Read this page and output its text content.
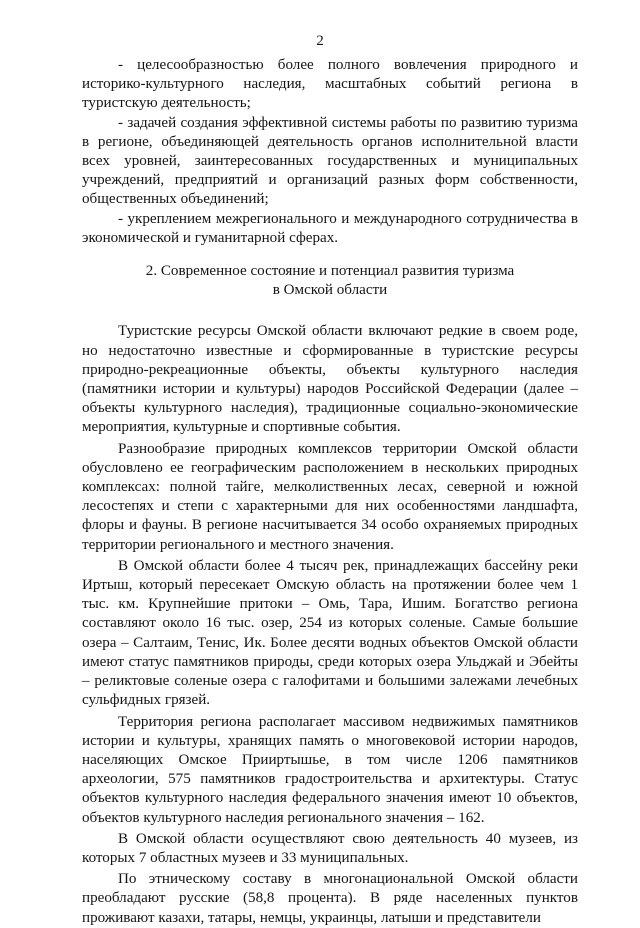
2

- целесообразностью более полного вовлечения природного и историко-культурного наследия, масштабных событий региона в туристскую деятельность;

- задачей создания эффективной системы работы по развитию туризма в регионе, объединяющей деятельность органов исполнительной власти всех уровней, заинтересованных государственных и муниципальных учреждений, предприятий и организаций разных форм собственности, общественных объединений;

- укреплением межрегионального и международного сотрудничества в экономической и гуманитарной сферах.

2. Современное состояние и потенциал развития туризма
в Омской области

Туристские ресурсы Омской области включают редкие в своем роде, но недостаточно известные и сформированные в туристские ресурсы природно-рекреационные объекты, объекты культурного наследия (памятники истории и культуры) народов Российской Федерации (далее – объекты культурного наследия), традиционные социально-экономические мероприятия, культурные и спортивные события.

Разнообразие природных комплексов территории Омской области обусловлено ее географическим расположением в нескольких природных комплексах: полной тайге, мелколиственных лесах, северной и южной лесостепях и степи с характерными для них особенностями ландшафта, флоры и фауны. В регионе насчитывается 34 особо охраняемых природных территории регионального и местного значения.

В Омской области более 4 тысяч рек, принадлежащих бассейну реки Иртыш, который пересекает Омскую область на протяжении более чем 1 тыс. км. Крупнейшие притоки – Омь, Тара, Ишим. Богатство региона составляют около 16 тыс. озер, 254 из которых соленые. Самые большие озера – Салтаим, Тенис, Ик. Более десяти водных объектов Омской области имеют статус памятников природы, среди которых озера Ульджай и Эбейты – реликтовые соленые озера с галофитами и большими залежами лечебных сульфидных грязей.

Территория региона располагает массивом недвижимых памятников истории и культуры, хранящих память о многовековой истории народов, населяющих Омское Прииртышье, в том числе 1206 памятников археологии, 575 памятников градостроительства и архитектуры. Статус объектов культурного наследия федерального значения имеют 10 объектов, объектов культурного наследия регионального значения – 162.

В Омской области осуществляют свою деятельность 40 музеев, из которых 7 областных музеев и 33 муниципальных.

По этническому составу в многонациональной Омской области преобладают русские (58,8 процента). В ряде населенных пунктов проживают казахи, татары, немцы, украинцы, латыши и представители
